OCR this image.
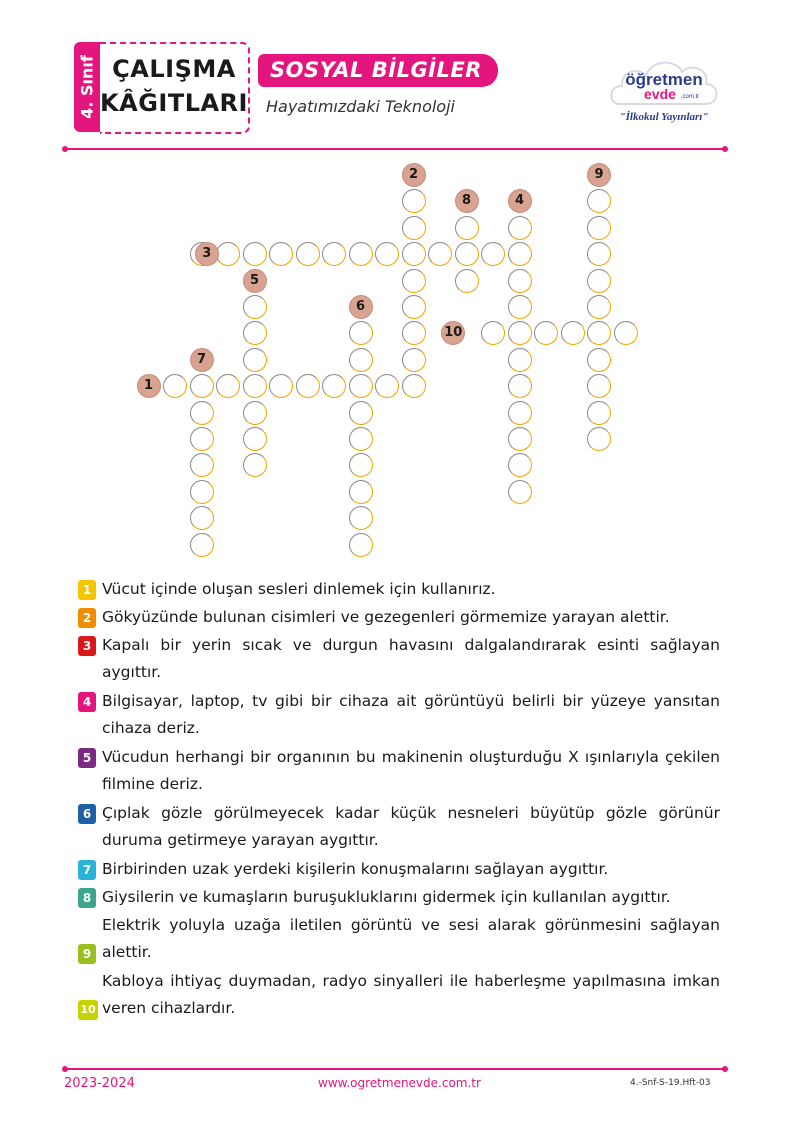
4. Sınıf ÇALIŞMA
KÂĞITLARI
SOSYAL BİLGİLER
Hayatımızdaki Teknoloji
öğretmen
evde .com.tr
"İlkokul Yayınları"
1
2
3
4
5
6
7
8
9
10
1 Vücut içinde oluşan sesleri dinlemek için kullanırız.
2 Gökyüzünde bulunan cisimleri ve gezegenleri görmemize yarayan alettir.
3 Kapalı bir yerin sıcak ve durgun havasını dalgalandırarak esinti sağlayan aygıttır.
4 Bilgisayar, laptop, tv gibi bir cihaza ait görüntüyü belirli bir yüzeye yansıtan cihaza deriz.
5 Vücudun herhangi bir organının bu makinenin oluşturduğu X ışınlarıyla çekilen filmine deriz.
6 Çıplak gözle görülmeyecek kadar küçük nesneleri büyütüp gözle görünür duruma getirmeye yarayan aygıttır.
7 Birbirinden uzak yerdeki kişilerin konuşmalarını sağlayan aygıttır.
8 Giysilerin ve kumaşların buruşukluklarını gidermek için kullanılan aygıttır.
9
Elektrik yoluyla uzağa iletilen görüntü ve sesi alarak görünmesini sağlayan alettir.
10
Kabloya ihtiyaç duymadan, radyo sinyalleri ile haberleşme yapılmasına imkan veren cihazlardır.
2023-2024	www.ogretmenevde.com.tr	4.-Snf-S-19.Hft-03
